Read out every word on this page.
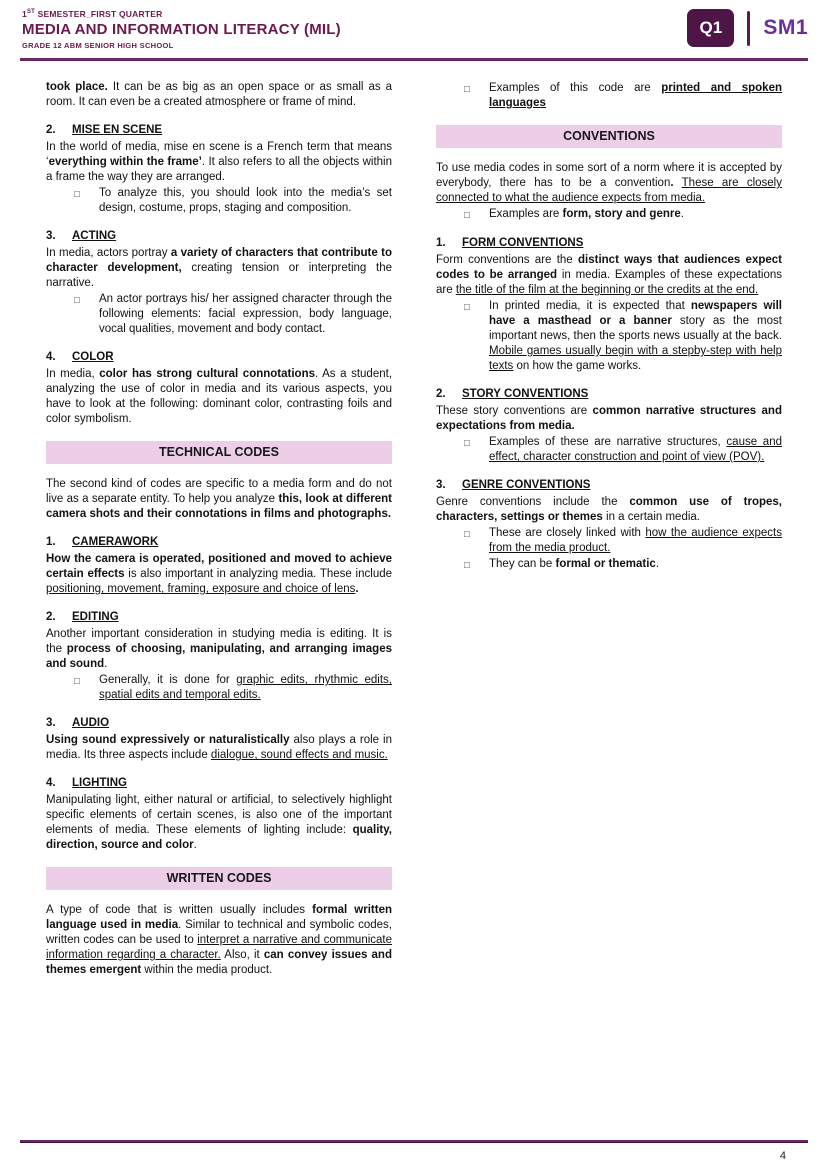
1ST SEMESTER_FIRST QUARTER
MEDIA AND INFORMATION LITERACY (MIL)
GRADE 12 ABM SENIOR HIGH SCHOOL
Q1	SM1

took place. It can be as big as an open space or as small as a room. It can even be a created atmosphere or frame of mind.

2.	MISE EN SCENE

In the world of media, mise en scene is a French term that means ‘everything within the frame’. It also refers to all the objects within a frame the way they are arranged.

□	To analyze this, you should look into the media’s set design, costume, props, staging and composition.
3.	ACTING

In media, actors portray a variety of characters that contribute to character development, creating tension or interpreting the narrative.

□	An actor portrays his/ her assigned character through the following elements: facial expression, body language, vocal qualities, movement and body contact.
4.	COLOR

In media, color has strong cultural connotations. As a student, analyzing the use of color in media and its various aspects, you have to look at the following: dominant color, contrasting foils and color symbolism.

TECHNICAL CODES

The second kind of codes are specific to a media form and do not live as a separate entity. To help you analyze this, look at different camera shots and their connotations in films and photographs.

1.	CAMERAWORK

How the camera is operated, positioned and moved to achieve certain effects is also important in analyzing media. These include positioning, movement, framing, exposure and choice of lens.

2.	EDITING

Another important consideration in studying media is editing. It is the process of choosing, manipulating, and arranging images and sound.

□	Generally, it is done for graphic edits, rhythmic edits, spatial edits and temporal edits.
3.	AUDIO

Using sound expressively or naturalistically also plays a role in media. Its three aspects include dialogue, sound effects and music.

4.	LIGHTING

Manipulating light, either natural or artificial, to selectively highlight specific elements of certain scenes, is also one of the important elements of media. These elements of lighting include: quality, direction, source and color.

WRITTEN CODES

A type of code that is written usually includes formal written language used in media. Similar to technical and symbolic codes, written codes can be used to interpret a narrative and communicate information regarding a character. Also, it can convey issues and themes emergent within the media product.

□	Examples of this code are printed and spoken languages
CONVENTIONS

To use media codes in some sort of a norm where it is accepted by everybody, there has to be a convention. These are closely connected to what the audience expects from media.

□	Examples are form, story and genre.
1.	FORM CONVENTIONS

Form conventions are the distinct ways that audiences expect codes to be arranged in media. Examples of these expectations are the title of the film at the beginning or the credits at the end.

□	In printed media, it is expected that newspapers will have a masthead or a banner story as the most important news, then the sports news usually at the back. Mobile games usually begin with a stepby-step with help texts on how the game works.
2.	STORY CONVENTIONS

These story conventions are common narrative structures and expectations from media.

□	Examples of these are narrative structures, cause and effect, character construction and point of view (POV).
3.	GENRE CONVENTIONS

Genre conventions include the common use of tropes, characters, settings or themes in a certain media.

□	These are closely linked with how the audience expects from the media product.
□	They can be formal or thematic.
4
